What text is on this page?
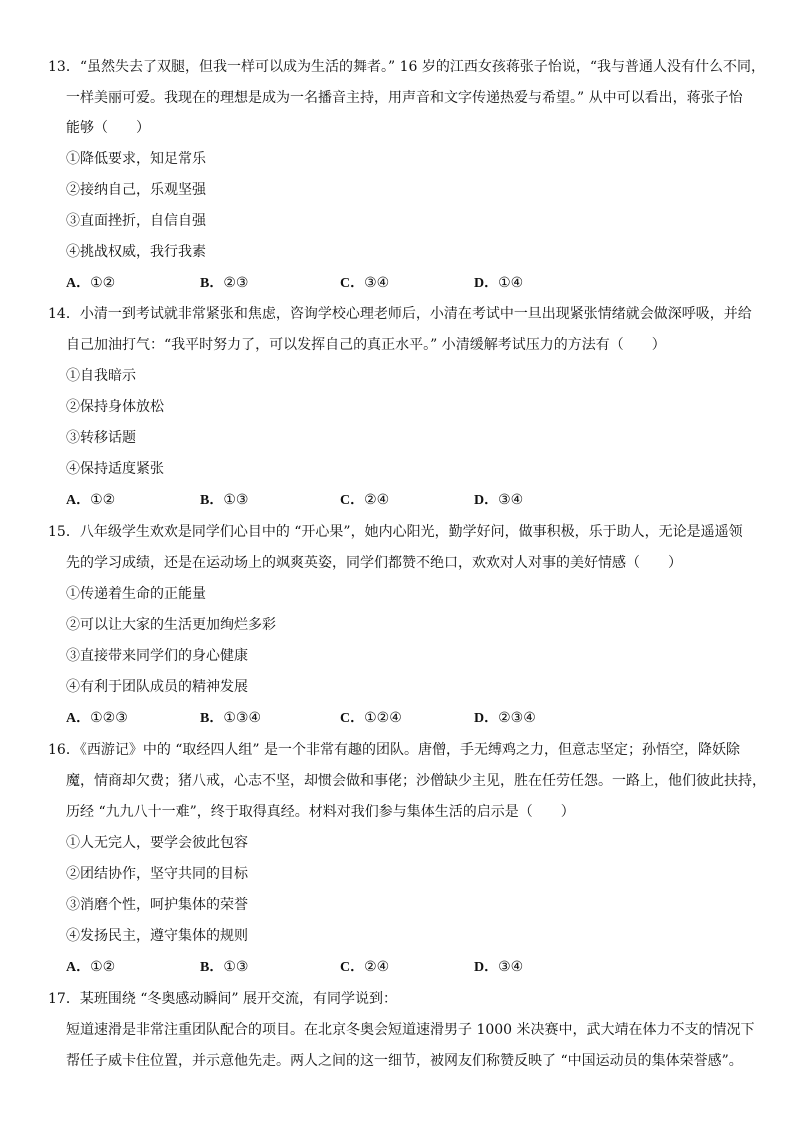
13．“虽然失去了双腿，但我一样可以成为生活的舞者。” 16 岁的江西女孩蒋张子怡说，“我与普通人没有什么不同，
一样美丽可爱。我现在的理想是成为一名播音主持，用声音和文字传递热爱与希望。” 从中可以看出，蒋张子怡
能够（　　）
①降低要求，知足常乐
②接纳自己，乐观坚强
③直面挫折，自信自强
④挑战权威，我行我素
A．①②	B．②③	C．③④	D．①④
14．小清一到考试就非常紧张和焦虑，咨询学校心理老师后，小清在考试中一旦出现紧张情绪就会做深呼吸，并给
自己加油打气：“我平时努力了，可以发挥自己的真正水平。” 小清缓解考试压力的方法有（　　）
①自我暗示
②保持身体放松
③转移话题
④保持适度紧张
A．①②	B．①③	C．②④	D．③④
15．八年级学生欢欢是同学们心目中的 “开心果”，她内心阳光，勤学好问，做事积极，乐于助人，无论是遥遥领
先的学习成绩，还是在运动场上的飒爽英姿，同学们都赞不绝口，欢欢对人对事的美好情感（　　）
①传递着生命的正能量
②可以让大家的生活更加绚烂多彩
③直接带来同学们的身心健康
④有利于团队成员的精神发展
A．①②③	B．①③④	C．①②④	D．②③④
16．《西游记》中的 “取经四人组” 是一个非常有趣的团队。唐僧，手无缚鸡之力，但意志坚定；孙悟空，降妖除
魔，情商却欠费；猪八戒，心志不坚，却惯会做和事佬；沙僧缺少主见，胜在任劳任怨。一路上，他们彼此扶持，
历经 “九九八十一难”，终于取得真经。材料对我们参与集体生活的启示是（　　）
①人无完人，要学会彼此包容
②团结协作，坚守共同的目标
③消磨个性，呵护集体的荣誉
④发扬民主，遵守集体的规则
A．①②	B．①③	C．②④	D．③④
17．某班围绕 “冬奥感动瞬间” 展开交流，有同学说到：
短道速滑是非常注重团队配合的项目。在北京冬奥会短道速滑男子 1000 米决赛中，武大靖在体力不支的情况下
帮任子威卡住位置，并示意他先走。两人之间的这一细节，被网友们称赞反映了 “中国运动员的集体荣誉感”。
